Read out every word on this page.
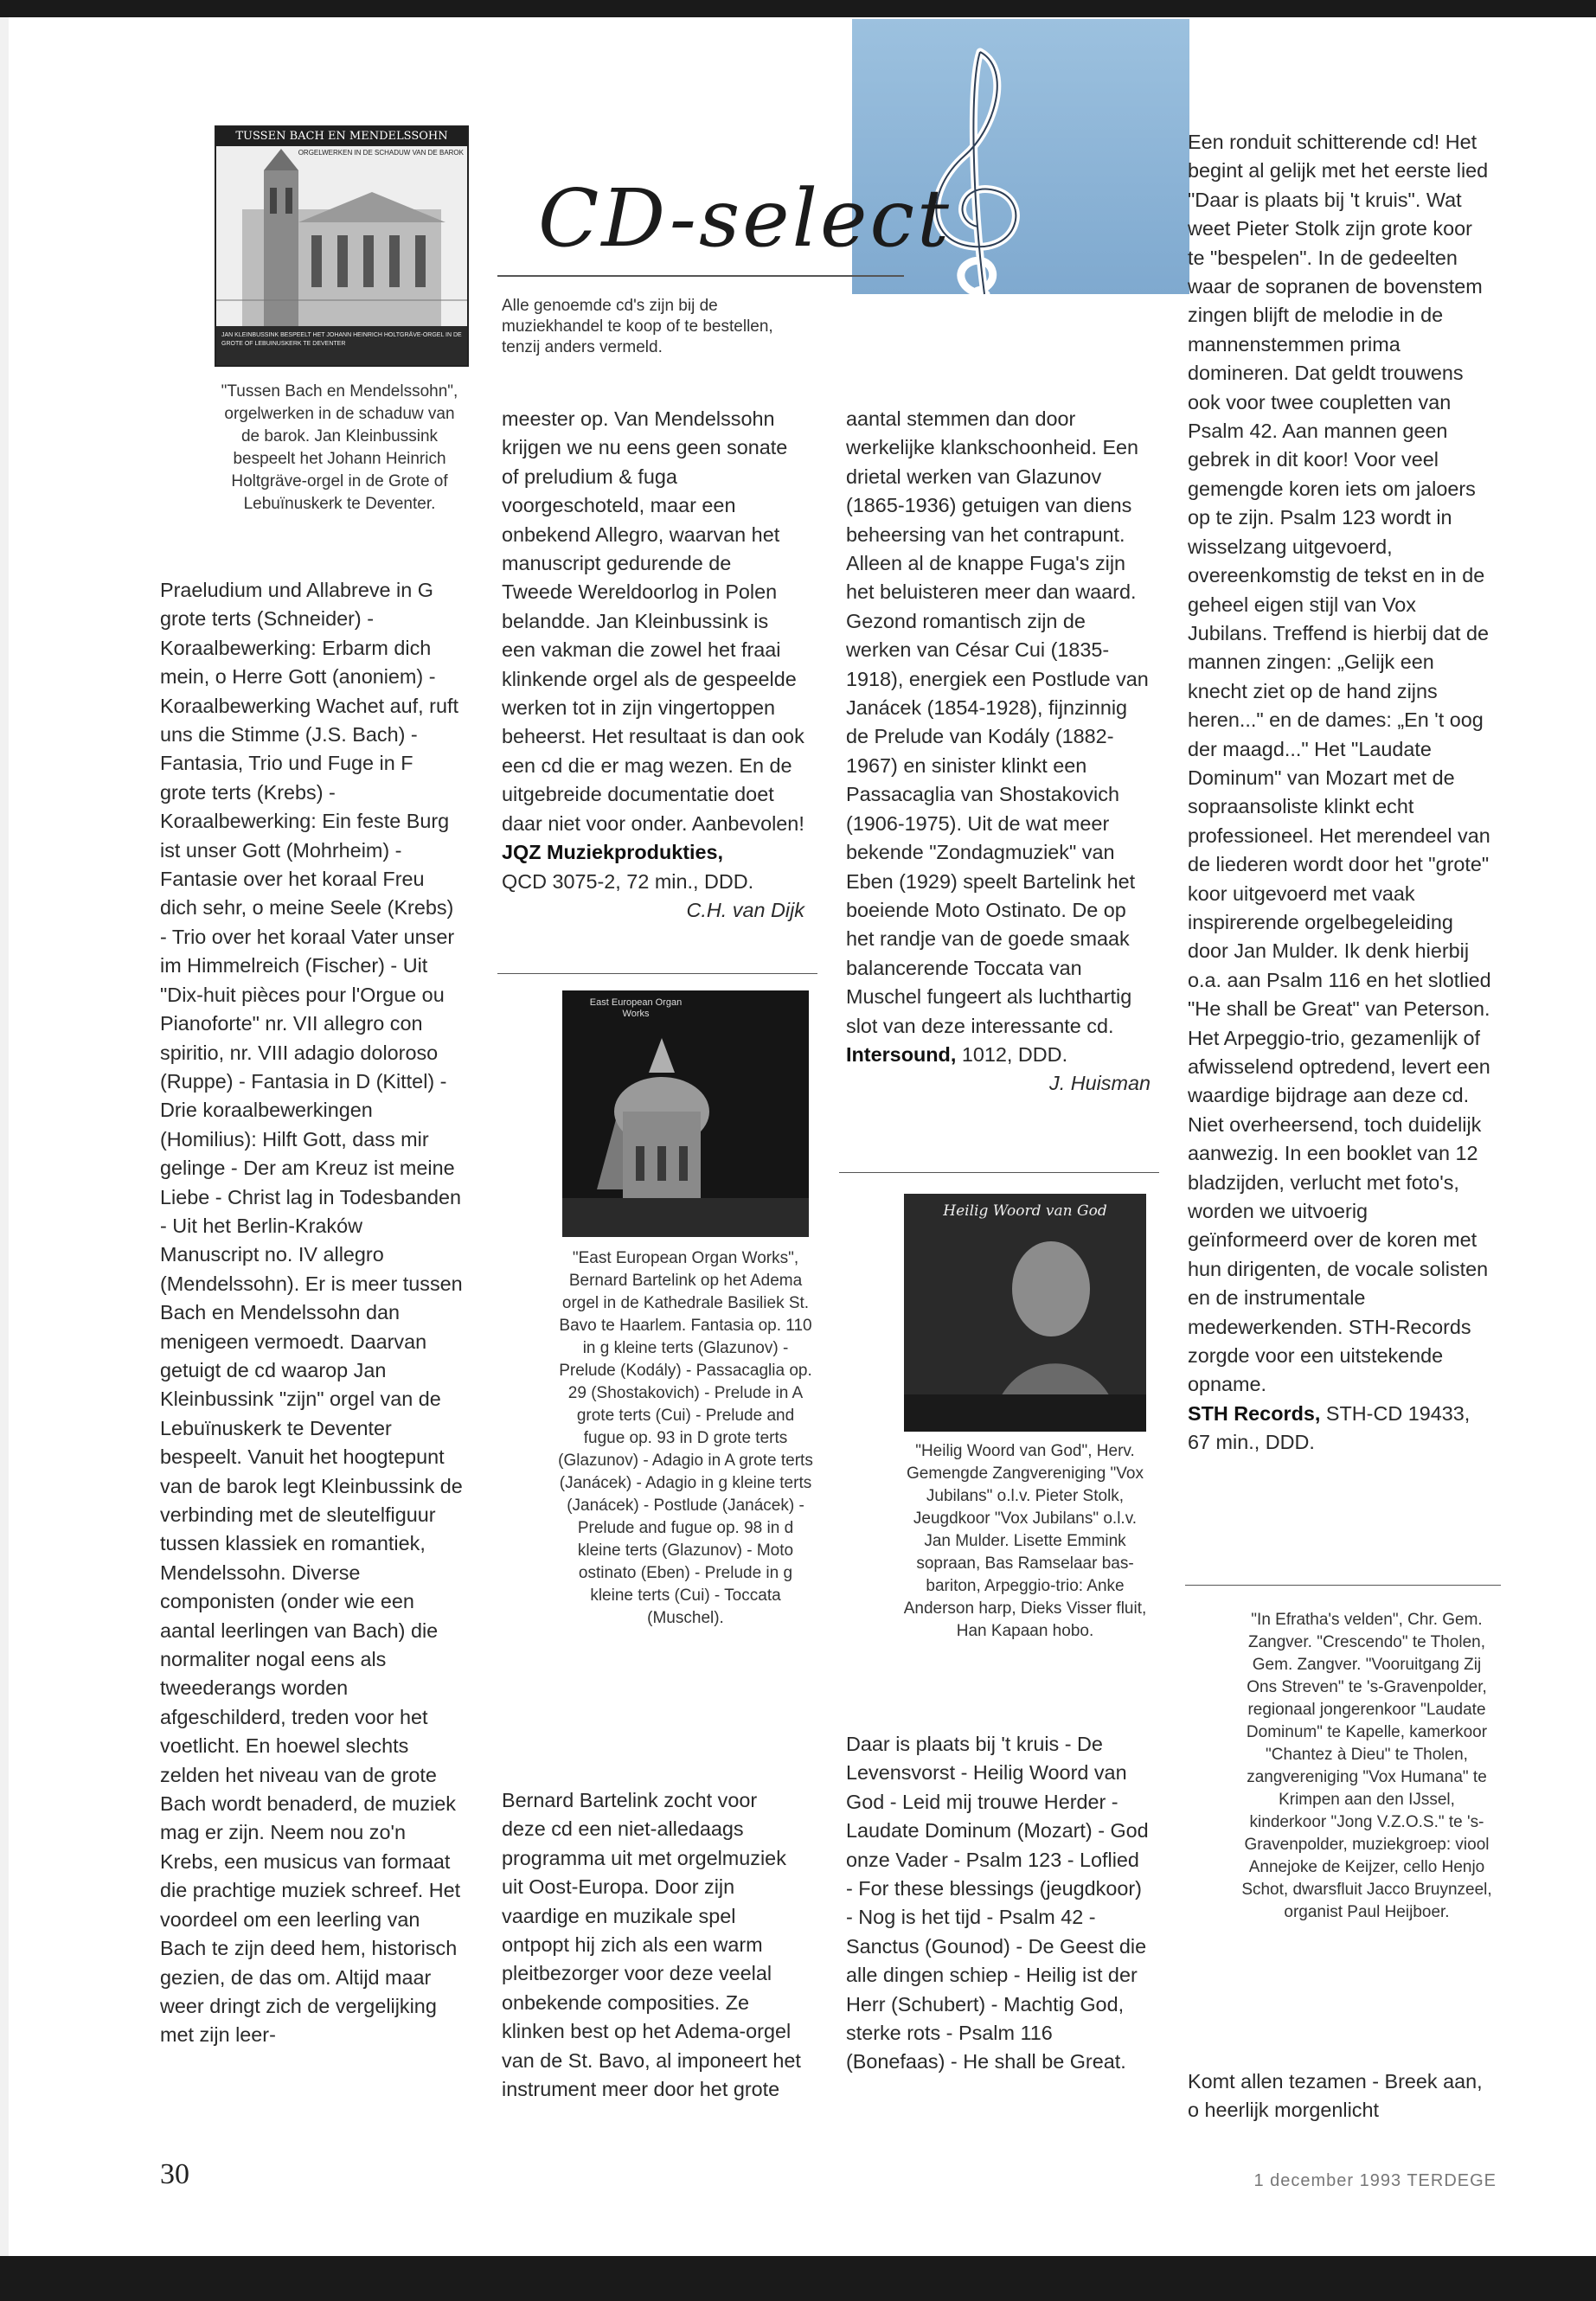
CD-select
Alle genoemde cd's zijn bij de muziekhandel te koop of te bestellen, tenzij anders vermeld.
TUSSEN BACH EN MENDELSSOHN
ORGELWERKEN IN DE SCHADUW VAN DE BAROK
JAN KLEINBUSSINK BESPEELT HET JOHANN HEINRICH HOLTGRÄVE-ORGEL IN DE GROTE OF LEBUINUSKERK TE DEVENTER
"Tussen Bach en Mendelssohn", orgelwerken in de schaduw van de barok. Jan Kleinbussink bespeelt het Johann Heinrich Holtgräve-orgel in de Grote of Lebuïnuskerk te Deventer.

Praeludium und Allabreve in G grote terts (Schneider) - Koraalbewerking: Erbarm dich mein, o Herre Gott (anoniem) - Koraalbewerking Wachet auf, ruft uns die Stimme (J.S. Bach) - Fantasia, Trio und Fuge in F grote terts (Krebs) - Koraalbewerking: Ein feste Burg ist unser Gott (Mohrheim) - Fantasie over het koraal Freu dich sehr, o meine Seele (Krebs) - Trio over het koraal Vater unser im Himmelreich (Fischer) - Uit "Dix-huit pièces pour l'Orgue ou Pianoforte" nr. VII allegro con spiritio, nr. VIII adagio doloroso (Ruppe) - Fantasia in D (Kittel) - Drie koraalbewerkingen (Homilius): Hilft Gott, dass mir gelinge - Der am Kreuz ist meine Liebe - Christ lag in Todesbanden - Uit het Berlin-Kraków Manuscript no. IV allegro (Mendelssohn). Er is meer tussen Bach en Mendelssohn dan menigeen vermoedt. Daarvan getuigt de cd waarop Jan Kleinbussink "zijn" orgel van de Lebuïnuskerk te Deventer bespeelt. Vanuit het hoogtepunt van de barok legt Kleinbussink de verbinding met de sleutelfiguur tussen klassiek en romantiek, Mendelssohn. Diverse componisten (onder wie een aantal leerlingen van Bach) die normaliter nogal eens als tweederangs worden afgeschilderd, treden voor het voetlicht. En hoewel slechts zelden het niveau van de grote Bach wordt benaderd, de muziek mag er zijn. Neem nou zo'n Krebs, een musicus van formaat die prachtige muziek schreef. Het voordeel om een leerling van Bach te zijn deed hem, historisch gezien, de das om. Altijd maar weer dringt zich de vergelijking met zijn leer-

meester op. Van Mendelssohn krijgen we nu eens geen sonate of preludium & fuga voorgeschoteld, maar een onbekend Allegro, waarvan het manuscript gedurende de Tweede Wereldoorlog in Polen belandde. Jan Kleinbussink is een vakman die zowel het fraai klinkende orgel als de gespeelde werken tot in zijn vingertoppen beheerst. Het resultaat is dan ook een cd die er mag wezen. En de uitgebreide documentatie doet daar niet voor onder. Aanbevolen!

JQZ Muziekprodukties,

QCD 3075-2, 72 min., DDD.

C.H. van Dijk

East European Organ Works
"East European Organ Works", Bernard Bartelink op het Adema orgel in de Kathedrale Basiliek St. Bavo te Haarlem. Fantasia op. 110 in g kleine terts (Glazunov) - Prelude (Kodály) - Passacaglia op. 29 (Shostakovich) - Prelude in A grote terts (Cui) - Prelude and fugue op. 93 in D grote terts (Glazunov) - Adagio in A grote terts (Janácek) - Adagio in g kleine terts (Janácek) - Postlude (Janácek) - Prelude and fugue op. 98 in d kleine terts (Glazunov) - Moto ostinato (Eben) - Prelude in g kleine terts (Cui) - Toccata (Muschel).

Bernard Bartelink zocht voor deze cd een niet-alledaags programma uit met orgelmuziek uit Oost-Europa. Door zijn vaardige en muzikale spel ontpopt hij zich als een warm pleitbezorger voor deze veelal onbekende composities. Ze klinken best op het Adema-orgel van de St. Bavo, al imponeert het instrument meer door het grote

aantal stemmen dan door werkelijke klankschoonheid. Een drietal werken van Glazunov (1865-1936) getuigen van diens beheersing van het contrapunt. Alleen al de knappe Fuga's zijn het beluisteren meer dan waard. Gezond romantisch zijn de werken van César Cui (1835-1918), energiek een Postlude van Janácek (1854-1928), fijnzinnig de Prelude van Kodály (1882-1967) en sinister klinkt een Passacaglia van Shostakovich (1906-1975). Uit de wat meer bekende "Zondagmuziek" van Eben (1929) speelt Bartelink het boeiende Moto Ostinato. De op het randje van de goede smaak balancerende Toccata van Muschel fungeert als luchthartig slot van deze interessante cd.

Intersound, 1012, DDD.

J. Huisman

Heilig Woord van God
"Heilig Woord van God", Herv. Gemengde Zangvereniging "Vox Jubilans" o.l.v. Pieter Stolk, Jeugdkoor "Vox Jubilans" o.l.v. Jan Mulder. Lisette Emmink sopraan, Bas Ramselaar bas-bariton, Arpeggio-trio: Anke Anderson harp, Dieks Visser fluit, Han Kapaan hobo.

Daar is plaats bij 't kruis - De Levensvorst - Heilig Woord van God - Leid mij trouwe Herder - Laudate Dominum (Mozart) - God onze Vader - Psalm 123 - Loflied - For these blessings (jeugdkoor) - Nog is het tijd - Psalm 42 - Sanctus (Gounod) - De Geest die alle dingen schiep - Heilig ist der Herr (Schubert) - Machtig God, sterke rots - Psalm 116 (Bonefaas) - He shall be Great.

Een ronduit schitterende cd! Het begint al gelijk met het eerste lied "Daar is plaats bij 't kruis". Wat weet Pieter Stolk zijn grote koor te "bespelen". In de gedeelten waar de sopranen de bovenstem zingen blijft de melodie in de mannenstemmen prima domineren. Dat geldt trouwens ook voor twee coupletten van Psalm 42. Aan mannen geen gebrek in dit koor! Voor veel gemengde koren iets om jaloers op te zijn. Psalm 123 wordt in wisselzang uitgevoerd, overeenkomstig de tekst en in de geheel eigen stijl van Vox Jubilans. Treffend is hierbij dat de mannen zingen: „Gelijk een knecht ziet op de hand zijns heren..." en de dames: „En 't oog der maagd..." Het "Laudate Dominum" van Mozart met de sopraansoliste klinkt echt professioneel. Het merendeel van de liederen wordt door het "grote" koor uitgevoerd met vaak inspirerende orgelbegeleiding door Jan Mulder. Ik denk hierbij o.a. aan Psalm 116 en het slotlied "He shall be Great" van Peterson. Het Arpeggio-trio, gezamenlijk of afwisselend optredend, levert een waardige bijdrage aan deze cd. Niet overheersend, toch duidelijk aanwezig. In een booklet van 12 bladzijden, verlucht met foto's, worden we uitvoerig geïnformeerd over de koren met hun dirigenten, de vocale solisten en de instrumentale medewerkenden. STH-Records zorgde voor een uitstekende opname.

STH Records, STH-CD 19433, 67 min., DDD.

"In Efratha's velden", Chr. Gem. Zangver. "Crescendo" te Tholen, Gem. Zangver. "Vooruitgang Zij Ons Streven" te 's-Gravenpolder, regionaal jongerenkoor "Laudate Dominum" te Kapelle, kamerkoor "Chantez à Dieu" te Tholen, zangvereniging "Vox Humana" te Krimpen aan den IJssel, kinderkoor "Jong V.Z.O.S." te 's-Gravenpolder, muziekgroep: viool Annejoke de Keijzer, cello Henjo Schot, dwarsfluit Jacco Bruynzeel, organist Paul Heijboer.

Komt allen tezamen - Breek aan, o heerlijk morgenlicht

30	1 december 1993 TERDEGE
